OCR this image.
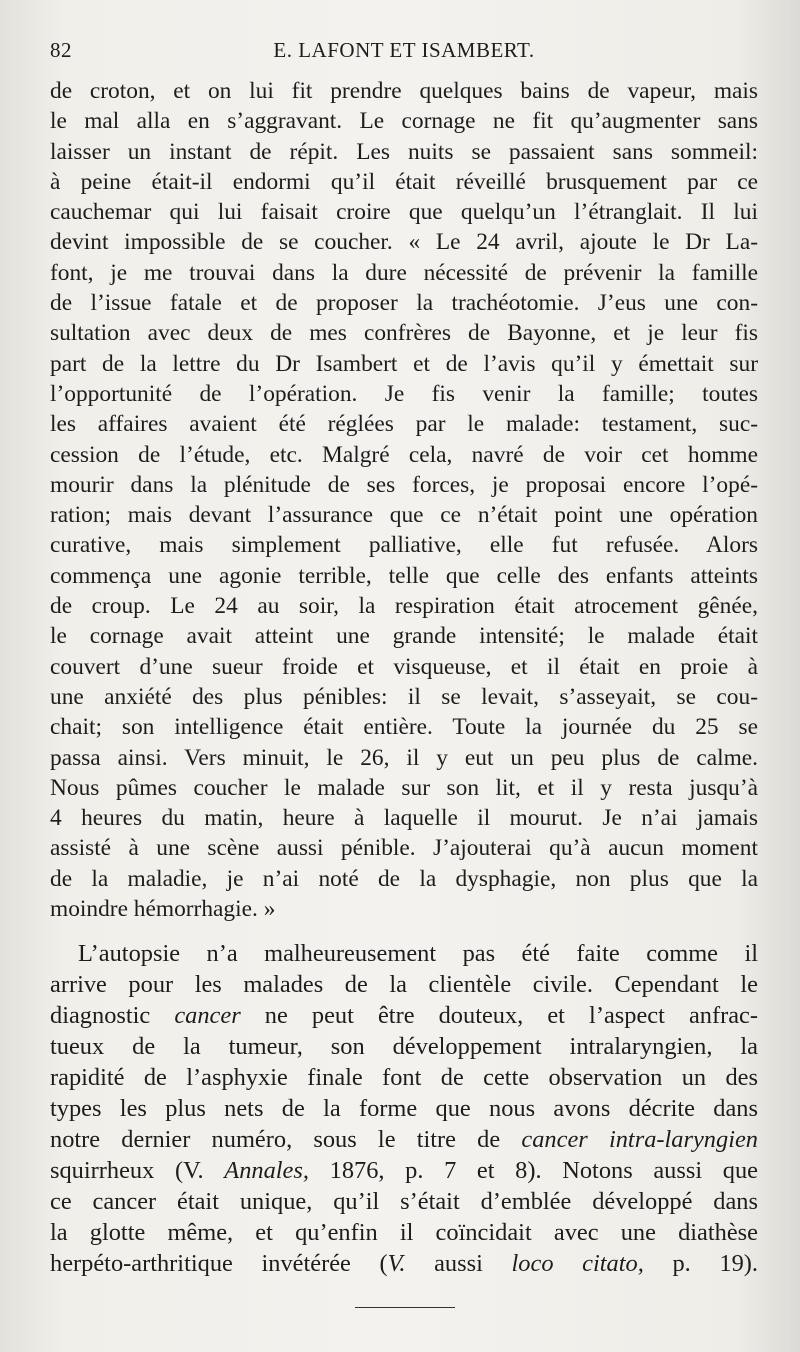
82	E. LAFONT ET ISAMBERT.
de croton, et on lui fit prendre quelques bains de vapeur, mais
le mal alla en s’aggravant. Le cornage ne fit qu’augmenter sans
laisser un instant de répit. Les nuits se passaient sans sommeil:
à peine était-il endormi qu’il était réveillé brusquement par ce
cauchemar qui lui faisait croire que quelqu’un l’étranglait. Il lui
devint impossible de se coucher. « Le 24 avril, ajoute le Dr La-
font, je me trouvai dans la dure nécessité de prévenir la famille
de l’issue fatale et de proposer la trachéotomie. J’eus une con-
sultation avec deux de mes confrères de Bayonne, et je leur fis
part de la lettre du Dr Isambert et de l’avis qu’il y émettait sur
l’opportunité de l’opération. Je fis venir la famille; toutes
les affaires avaient été réglées par le malade: testament, suc-
cession de l’étude, etc. Malgré cela, navré de voir cet homme
mourir dans la plénitude de ses forces, je proposai encore l’opé-
ration; mais devant l’assurance que ce n’était point une opération
curative, mais simplement palliative, elle fut refusée. Alors
commença une agonie terrible, telle que celle des enfants atteints
de croup. Le 24 au soir, la respiration était atrocement gênée,
le cornage avait atteint une grande intensité; le malade était
couvert d’une sueur froide et visqueuse, et il était en proie à
une anxiété des plus pénibles: il se levait, s’asseyait, se cou-
chait; son intelligence était entière. Toute la journée du 25 se
passa ainsi. Vers minuit, le 26, il y eut un peu plus de calme.
Nous pûmes coucher le malade sur son lit, et il y resta jusqu’à
4 heures du matin, heure à laquelle il mourut. Je n’ai jamais
assisté à une scène aussi pénible. J’ajouterai qu’à aucun moment
de la maladie, je n’ai noté de la dysphagie, non plus que la
moindre hémorrhagie. »
L’autopsie n’a malheureusement pas été faite comme il
arrive pour les malades de la clientèle civile. Cependant le
diagnostic cancer ne peut être douteux, et l’aspect anfrac-
tueux de la tumeur, son développement intralaryngien, la
rapidité de l’asphyxie finale font de cette observation un des
types les plus nets de la forme que nous avons décrite dans
notre dernier numéro, sous le titre de cancer intra-laryngien
squirrheux (V. Annales, 1876, p. 7 et 8). Notons aussi que
ce cancer était unique, qu’il s’était d’emblée développé dans
la glotte même, et qu’enfin il coïncidait avec une diathèse
herpéto-arthritique invétérée (V. aussi loco citato, p. 19).
